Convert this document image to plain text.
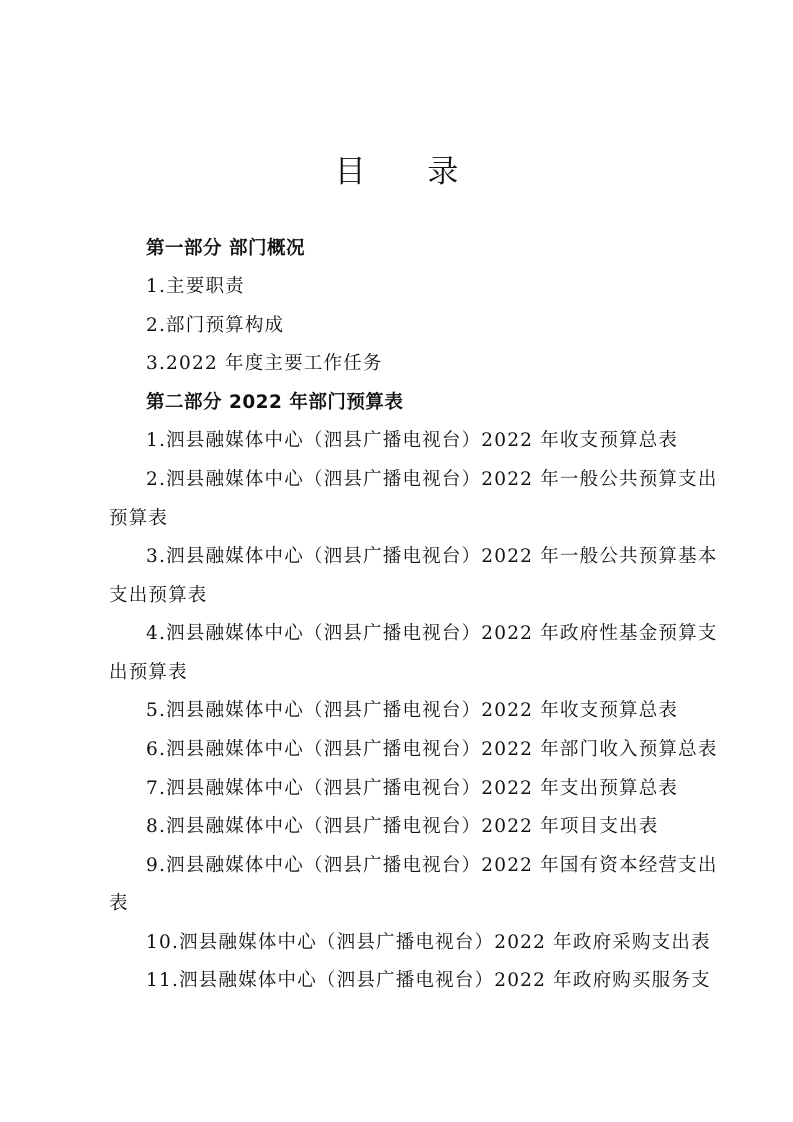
目 录
第一部分 部门概况
1.主要职责
2.部门预算构成
3.2022 年度主要工作任务
第二部分 2022 年部门预算表
1.泗县融媒体中心（泗县广播电视台）2022 年收支预算总表
2.泗县融媒体中心（泗县广播电视台）2022 年一般公共预算支出
预算表
3.泗县融媒体中心（泗县广播电视台）2022 年一般公共预算基本
支出预算表
4.泗县融媒体中心（泗县广播电视台）2022 年政府性基金预算支
出预算表
5.泗县融媒体中心（泗县广播电视台）2022 年收支预算总表
6.泗县融媒体中心（泗县广播电视台）2022 年部门收入预算总表
7.泗县融媒体中心（泗县广播电视台）2022 年支出预算总表
8.泗县融媒体中心（泗县广播电视台）2022 年项目支出表
9.泗县融媒体中心（泗县广播电视台）2022 年国有资本经营支出
表
10.泗县融媒体中心（泗县广播电视台）2022 年政府采购支出表
11.泗县融媒体中心（泗县广播电视台）2022 年政府购买服务支
